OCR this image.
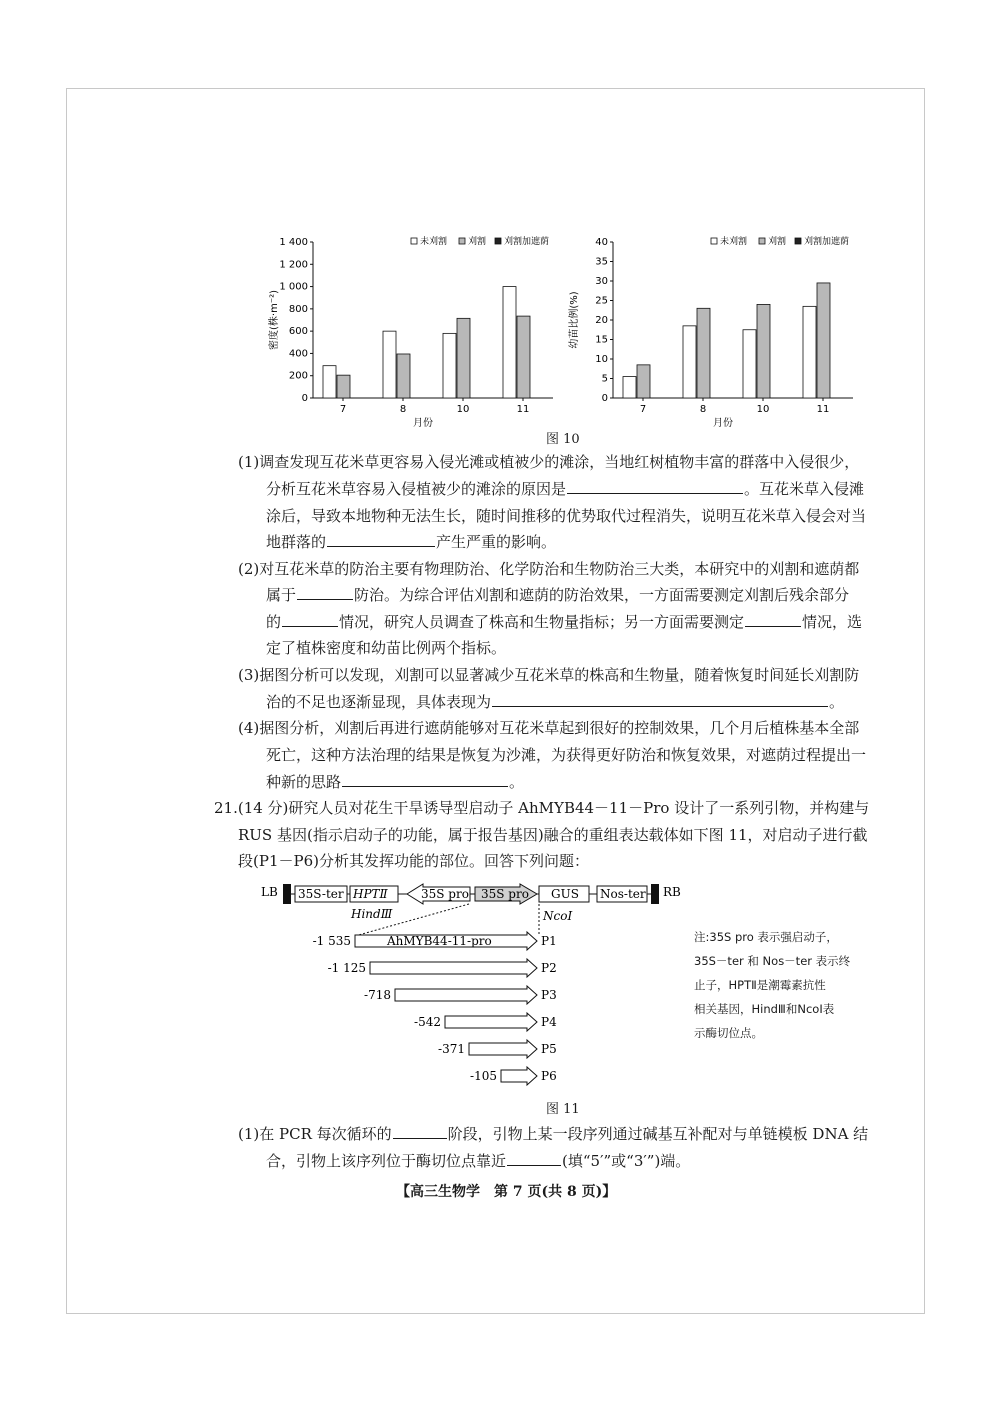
0
200
400
600
800
1 000
1 200
1 400
密度(株·m⁻²)
7	8	10	11
月份
未刈割 刈割 刈割加遮荫
0
5
10
15
20
25
30
35
40
幼苗比例(%)
7	8	10	11
月份
未刈割 刈割 刈割加遮荫
图 10
(1)调查发现互花米草更容易入侵光滩或植被少的滩涂，当地红树植物丰富的群落中入侵很少，
分析互花米草容易入侵植被少的滩涂的原因是	。互花米草入侵滩
涂后，导致本地物种无法生长，随时间推移的优势取代过程消失，说明互花米草入侵会对当
地群落的	产生严重的影响。
(2)对互花米草的防治主要有物理防治、化学防治和生物防治三大类，本研究中的刈割和遮荫都
属于	防治。为综合评估刈割和遮荫的防治效果，一方面需要测定刈割后残余部分
的	情况，研究人员调查了株高和生物量指标；另一方面需要测定	情况，选
定了植株密度和幼苗比例两个指标。
(3)据图分析可以发现，刈割可以显著减少互花米草的株高和生物量，随着恢复时间延长刈割防
治的不足也逐渐显现，具体表现为	。
(4)据图分析，刈割后再进行遮荫能够对互花米草起到很好的控制效果，几个月后植株基本全部
死亡，这种方法治理的结果是恢复为沙滩，为获得更好防治和恢复效果，对遮荫过程提出一
种新的思路	。
21.(14 分)研究人员对花生干旱诱导型启动子 AhMYB44－11－Pro 设计了一系列引物，并构建与
RUS 基因(指示启动子的功能，属于报告基因)融合的重组表达载体如下图 11，对启动子进行截
段(P1－P6)分析其发挥功能的部位。回答下列问题：
LB 35S-ter HPTⅡ	35S pro 35S pro GUS Nos-ter RB
HindⅢ	NcoⅠ
-1 535	P1
AhMYB44-11-pro
-1 125	P2
-718	P3
-542	P4
-371	P5
-105	P6
注:35S pro 表示强启动子，
35S－ter 和 Nos－ter 表示终
止子，HPTⅡ是潮霉素抗性
相关基因，HindⅢ和NcoⅠ表
示酶切位点。
图 11
(1)在 PCR 每次循环的	阶段，引物上某一段序列通过碱基互补配对与单链模板 DNA 结
合，引物上该序列位于酶切位点靠近	(填“5′”或“3′”)端。
【高三生物学　第 7 页(共 8 页)】
